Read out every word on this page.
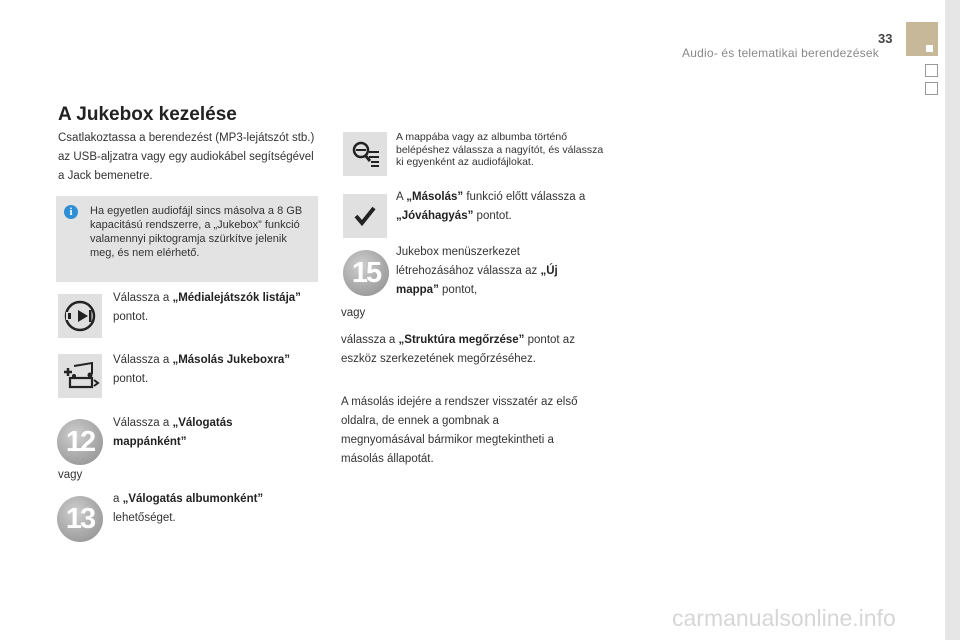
33
Audio- és telematikai berendezések
A Jukebox kezelése
Csatlakoztassa a berendezést (MP3-lejátszót stb.) az USB-aljzatra vagy egy audiokábel segítségével a Jack bemenetre.
i	Ha egyetlen audiofájl sincs másolva a 8 GB kapacitású rendszerre, a „Jukebox” funkció valamennyi piktogramja szürkítve jelenik meg, és nem elérhető.
Válassza a „Médialejátszók listája”
pontot.
Válassza a „Másolás Jukeboxra”
pontot.
12
Válassza a „Válogatás
mappánként”
vagy
13
a „Válogatás albumonként”
lehetőséget.
A mappába vagy az albumba történő belépéshez válassza a nagyítót, és válassza ki egyenként az audiofájlokat.
A „Másolás” funkció előtt válassza a
„Jóváhagyás” pontot.
15
Jukebox menüszerkezet
létrehozásához válassza az „Új
mappa” pontot,
vagy
válassza a „Struktúra megőrzése” pontot az
eszköz szerkezetének megőrzéséhez.
A másolás idejére a rendszer visszatér az első oldalra, de ennek a gombnak a megnyomásával bármikor megtekintheti a másolás állapotát.
carmanualsonline.info
